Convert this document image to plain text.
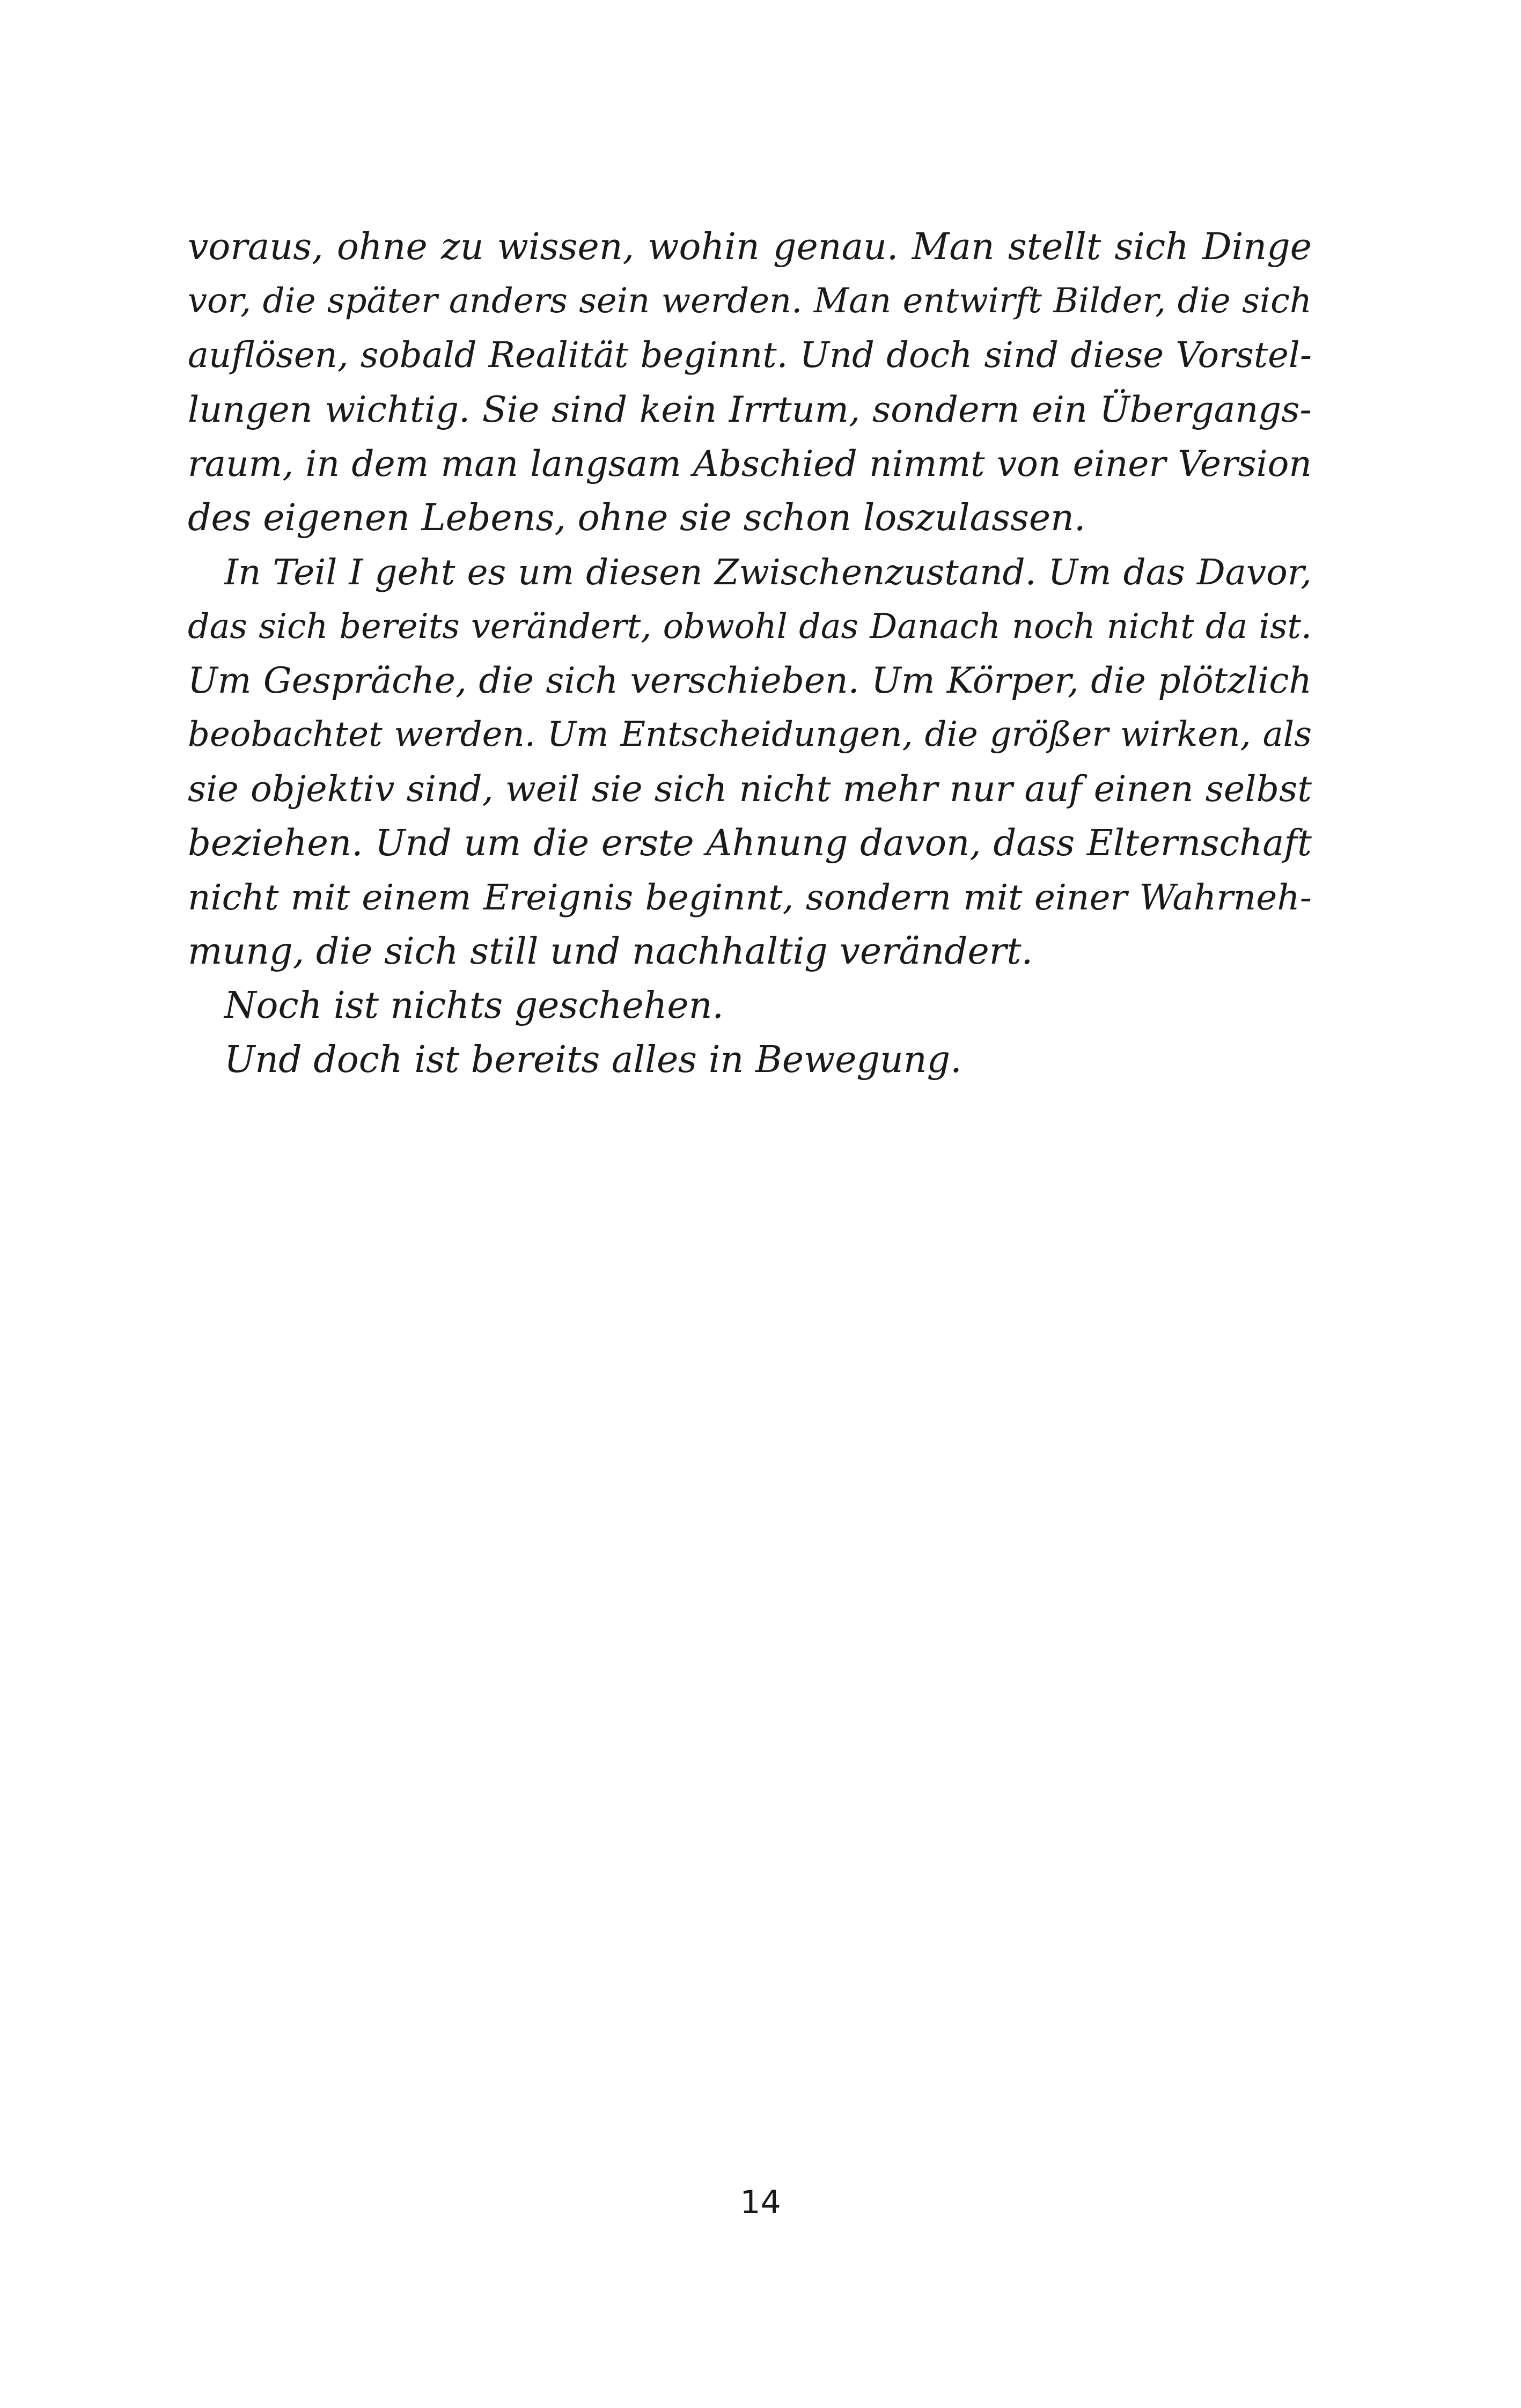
voraus, ohne zu wissen, wohin genau. Man stellt sich Dinge
vor, die später anders sein werden. Man entwirft Bilder, die sich
auflösen, sobald Realität beginnt. Und doch sind diese Vorstel-
lungen wichtig. Sie sind kein Irrtum, sondern ein Übergangs-
raum, in dem man langsam Abschied nimmt von einer Version
des eigenen Lebens, ohne sie schon loszulassen.
In Teil I geht es um diesen Zwischenzustand. Um das Davor,
das sich bereits verändert, obwohl das Danach noch nicht da ist.
Um Gespräche, die sich verschieben. Um Körper, die plötzlich
beobachtet werden. Um Entscheidungen, die größer wirken, als
sie objektiv sind, weil sie sich nicht mehr nur auf einen selbst
beziehen. Und um die erste Ahnung davon, dass Elternschaft
nicht mit einem Ereignis beginnt, sondern mit einer Wahrneh-
mung, die sich still und nachhaltig verändert.
Noch ist nichts geschehen.
Und doch ist bereits alles in Bewegung.
14
